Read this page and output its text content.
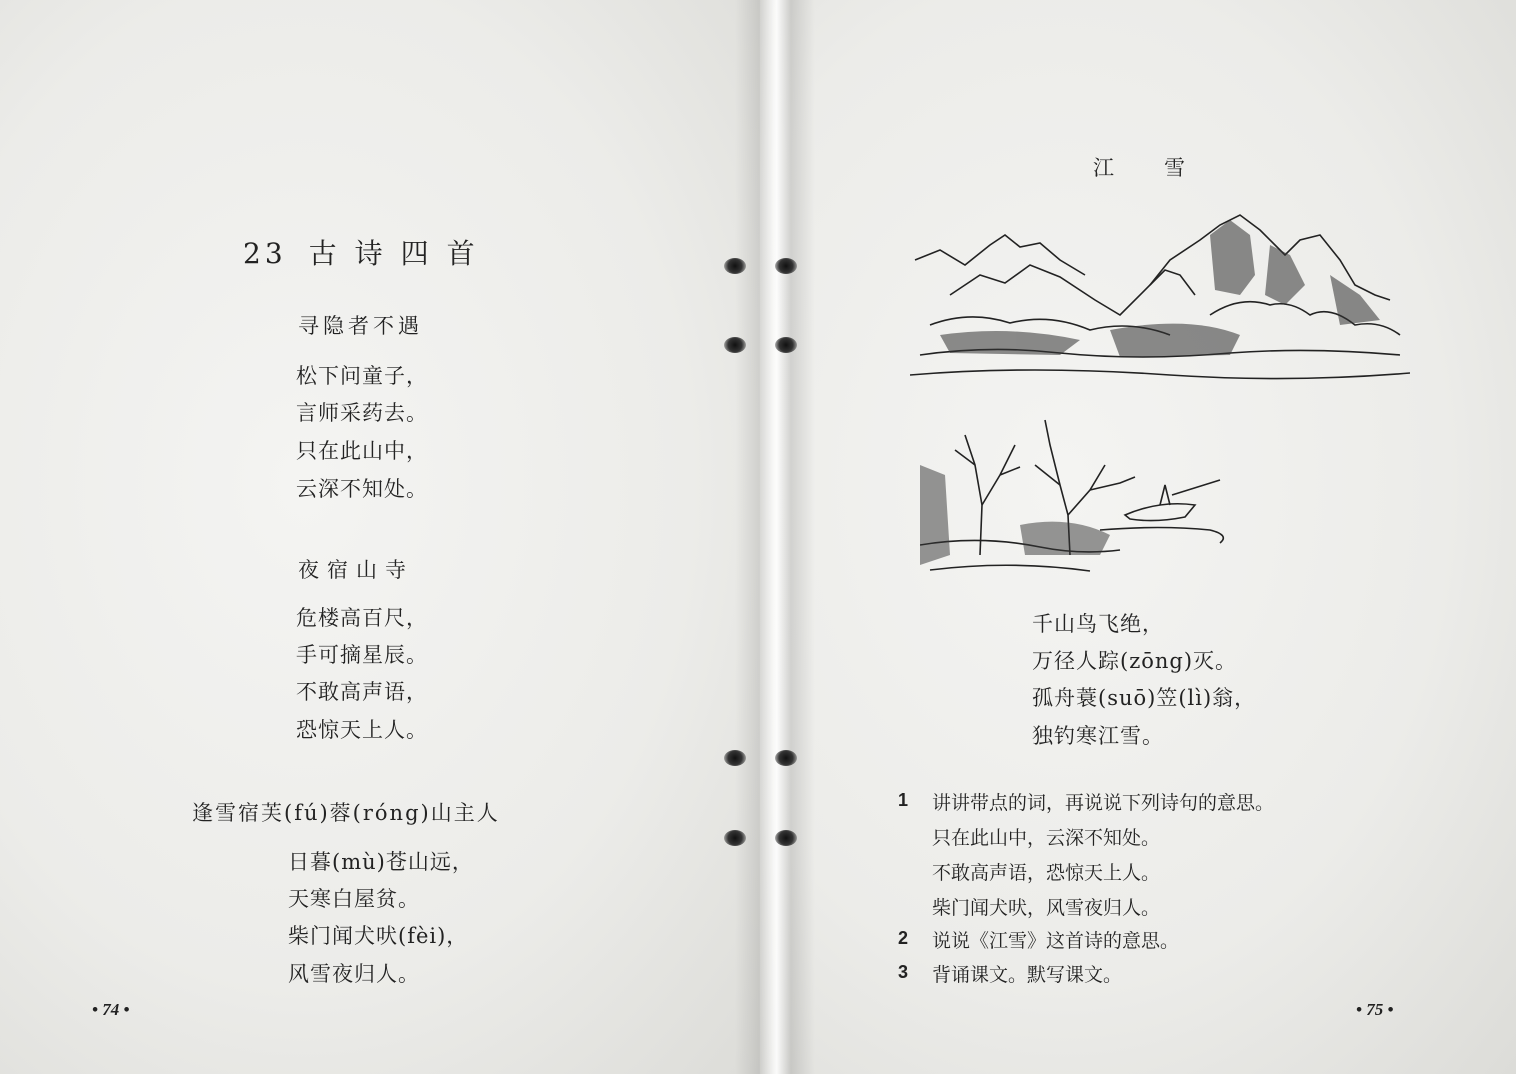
23 古诗四首
寻隐者不遇
松下问童子，
言师采药去。
只在此山中，
云深不知处。
夜宿山寺
危楼高百尺，
手可摘星辰。
不敢高声语，
恐惊天上人。
逢雪宿芙(fú)蓉(róng)山主人
日暮(mù)苍山远，
天寒白屋贫。
柴门闻犬吠(fèi)，
风雪夜归人。
• 74 •
江雪
千山鸟飞绝，
万径人踪(zōng)灭。
孤舟蓑(suō)笠(lì)翁，
独钓寒江雪。
1 讲讲带点的词，再说说下列诗句的意思。
只在此山中，云深不知处。
不敢高声语，恐惊天上人。
柴门闻犬吠，风雪夜归人。
2 说说《江雪》这首诗的意思。
3 背诵课文。默写课文。
• 75 •
